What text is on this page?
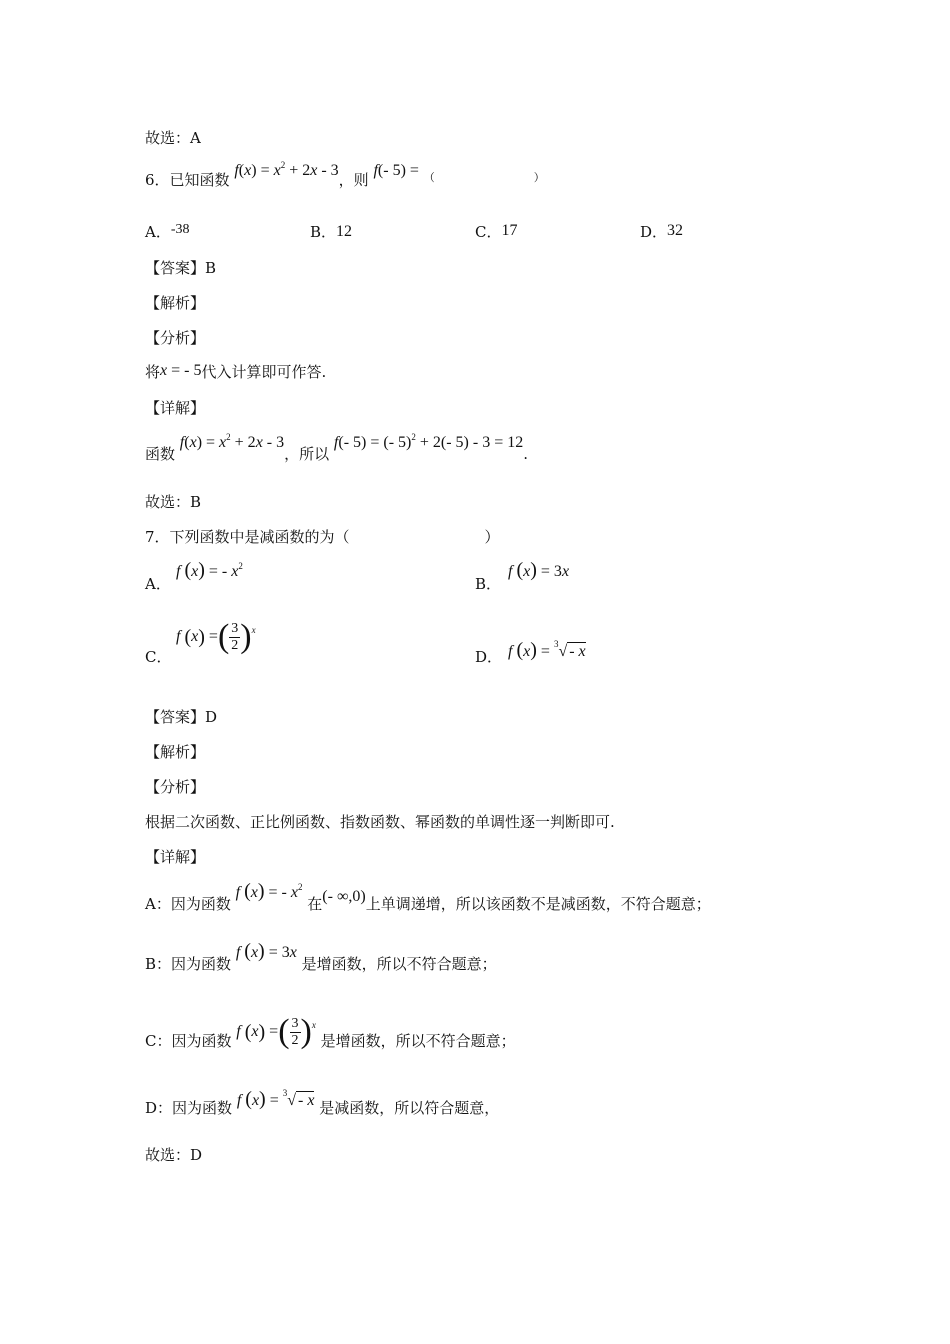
故选：A
6．已知函数 $f(x) = x^2 + 2x - 3$，则 f(- 5) = （　　　　　　　　　）
A．-38	B．12	C．17	D．32
【答案】B
【解析】
【分析】
将x = - 5代入计算即可作答.
【详解】
函数 $f(x) = x^2 + 2x - 3$，所以 f(- 5) = (- 5)$^2$ + 2(- 5) - 3 = 12.
故选：B
7．下列函数中是减函数的为（　　　　　　　　　）
A．
f (x) = - $x^2$
B．
f (x) = 3x
C．
f
( x ) = ( $\frac{3}{2}$ ) x
D． f (x) = $^3$√ - x
【答案】D
【解析】
【分析】
根据二次函数、正比例函数、指数函数、幂函数的单调性逐一判断即可.
【详解】
A：因为函数 f (x) = - $x^2$ 在(- ∞,0)上单调递增，所以该函数不是减函数，不符合题意；
B：因为函数 f (x) = 3x 是增函数，所以不符合题意；
C：因为函数
f
( x ) = ( $\frac{3}{2}$ ) x
是增函数，所以不符合题意；
D：因为函数 f (x) = $^3$√ - x 是减函数，所以符合题意，
故选：D
